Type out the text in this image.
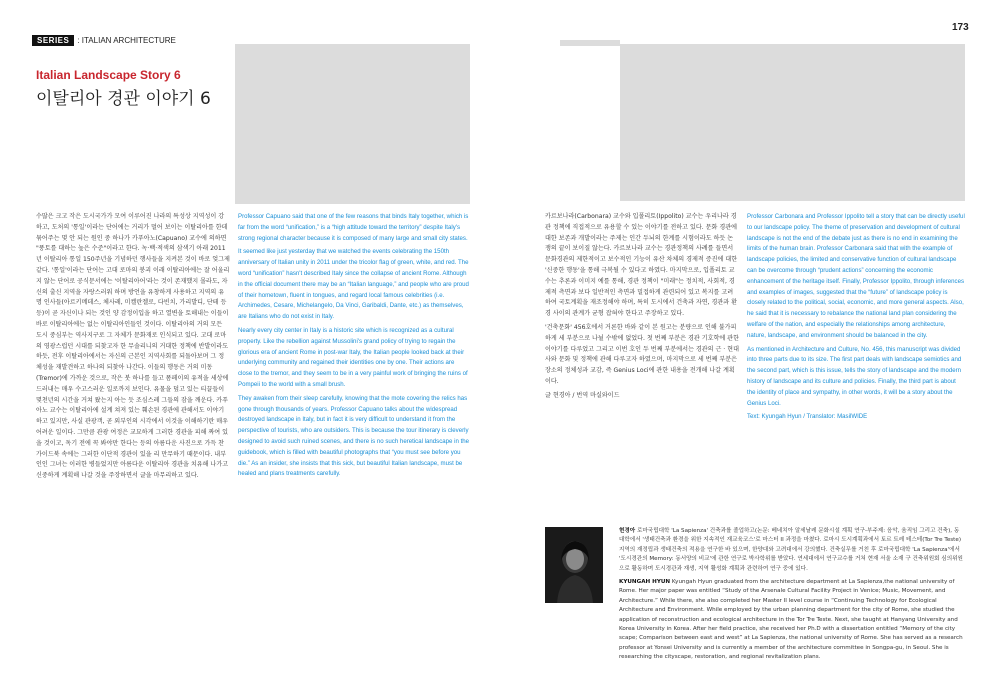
SERIES	: ITALIAN ARCHITECTURE
173
Italian Landscape Story 6
이탈리아 경관 이야기 6

수많은 크고 작은 도시국가가 모여 이루어진 나라의 특성상 지역성이 강하고, 도처의 '통일'이라는 단어에는 거리가 멀어 보이는 이탈리아를 한데 묶어주는 몇 안 되는 원인 중 하나가 카푸아노(Capuano) 교수에 의하면 "풍토를 대하는 높은 수준"이라고 한다. 녹·백·적색의 삼색기 아래 2011년 이탈리아 통일 150주년을 기념하던 행사들을 지켜본 것이 바로 엊그제 같다. '통일'이라는 단어는 고대 로마의 붕괴 이래 이탈리아에는 잘 어울리지 않는 단어로 공식문서에는 '이탈리아어'라는 것이 존재했지 몰라도, 자신의 출신 지역을 자랑스러워 하며 방언을 유창하게 사용하고 지역의 유명 인사들(아르키메데스, 체사레, 미켈란젤로, 다빈치, 가리발디, 단테 등등)이 곧 자신이나 되는 것인 양 감정이입을 하고 열변을 토해내는 이들이 바로 이탈리아에는 없는 이탈리아인들인 것이다. 이탈리아의 거의 모든 도시 중심부는 역사지구로 그 자체가 문화재로 인식되고 있다. 고대 로마의 영광스럽던 시대를 되찾고자 한 무솔리니의 거대한 정책에 반발이라도 하듯, 전후 이탈리아에서는 자신의 근본인 지역사회를 되돌아보며 그 정체성을 재발견하고 하나의 되찾아 나간다. 이들의 행동은 거의 미동(Tremor)에 가까운 것으로, 작은 붓 하나를 들고 폼페이의 유적을 세상에 드러내는 매우 수고스러운 일로까지 보인다. 유물을 덮고 있는 티끌들이 몇천년의 시간을 거쳐 왔는지 아는 듯 조심스레 그들의 잠을 깨운다. 카푸아노 교수는 이탈리아에 설계 쳐져 있는 훼손된 경관에 관해서도 이야기하고 있지만, 사실 관광객, 곧 외부인의 시각에서 이것을 이해하기란 매우 어려운 일이다. 그만큼 관광 여정은 교묘하게 그러한 경관을 피해 짜여 있을 것이고, 독기 전에 꼭 봐야만 한다는 등의 아름다운 사진으로 가득 찬 가이드북 속에는 그러한 이단적 경관이 있을 리 만무하기 때문이다. 내부인인 그녀는 이러한 병들었지만 아름다운 이탈리아 경관을 치유해 나가고 신중하게 계획해 나갈 것을 주장하면서 글을 마무리하고 있다.

Professor Capuano said that one of the few reasons that binds Italy together, which is far from the word “unification,” is a “high attitude toward the territory” despite Italy's strong regional character because it is composed of many large and small city states.

It seemed like just yesterday that we watched the events celebrating the 150th anniversary of Italian unity in 2011 under the tricolor flag of green, white, and red. The word “unification” hasn't described Italy since the collapse of ancient Rome. Although in the official document there may be an “Italian language,” and people who are proud of their hometown, fluent in tongues, and regard local famous celebrities (i.e. Archimedes, Cesare, Michelangelo, Da Vinci, Garibaldi, Dante, etc.) as themselves, are Italians who do not exist in Italy.

Nearly every city center in Italy is a historic site which is recognized as a cultural property. Like the rebellion against Mussolini's grand policy of trying to regain the glorious era of ancient Rome in post-war Italy, the Italian people looked back at their underlying community and regained their identities one by one. Their actions are close to the tremor, and they seem to be in a very painful work of bringing the ruins of Pompeii to the world with a small brush.

They awaken from their sleep carefully, knowing that the mote covering the relics has gone through thousands of years. Professor Capuano talks about the widespread destroyed landscape in Italy, but in fact it is very difficult to understand it from the perspective of tourists, who are outsiders. This is because the tour itinerary is cleverly designed to avoid such ruined scenes, and there is no such heretical landscape in the guidebook, which is filled with beautiful photographs that “you must see before you die.” As an insider, she insists that this sick, but beautiful Italian landscape, must be healed and plans treatments carefully.

카르보나라(Carbonara) 교수와 입폴리토(Ippolito) 교수는 우리나라 경관 정책에 직접적으로 유용할 수 있는 이야기를 전하고 있다. 문화 경관에 대한 보존과 개발이라는 주제는 인간 두뇌의 한계를 시험이라도 하듯 논쟁의 끝이 보이질 않는다. 카르보나라 교수는 경관정책의 사례를 들면서 문화경관의 제한적이고 보수적인 기능이 유산 차체의 경제적 증진에 대한 '신중한 행동'을 통해 극복될 수 있다고 하였다. 마지막으로, 입폴리토 교수는 추론과 이미지 예를 통해, 경관 정책이 "미래"는 정치적, 사회적, 경제적 측면과 보다 일반적인 측면과 밀접하게 관련되어 있고 복지를 고려하여 국토계획을 재조정해야 하며, 특히 도시에서 건축과 자연, 경관과 환경 사이의 관계가 균형 잡혀야 한다고 주장하고 있다.

'건축문화' 456호에서 거론한 바와 같이 본 원고는 분량으로 인해 불가피하게 세 부분으로 나뉠 수밖에 없었다. 첫 번째 부분은 경관 기호학에 관한 이야기를 다루었고 그리고 이번 호인 두 번째 부분에서는 경관의 근 · 현대사와 문화 및 정책에 관해 다루고자 하였으며, 마지막으로 세 번째 부분은 장소의 정체성과 교감, 즉 Genius Loci에 관한 내용을 전개해 나갈 계획이다.

글 현경아 / 번역 마실와이드

Professor Carbonara and Professor Ippolito tell a story that can be directly useful to our landscape policy. The theme of preservation and development of cultural landscape is not the end of the debate just as there is no end in examining the limits of the human brain. Professor Carbonara said that with the example of landscape policies, the limited and conservative function of cultural landscape can be overcome through “prudent actions” concerning the economic enhancement of the heritage itself. Finally, Professor Ippolito, through inferences and examples of images, suggested that the “future” of landscape policy is closely related to the political, social, economic, and more general aspects. Also, he said that it is necessary to rebalance the national land plan considering the welfare of the nation, and especially the relationships among architecture, nature, landscape, and environment should be balanced in the city.

As mentioned in Architecture and Culture, No. 456, this manuscript was divided into three parts due to its size. The first part deals with landscape semiotics and the second part, which is this issue, tells the story of landscape and the modern history of landscape and its culture and policies. Finally, the third part is about the identity of place and sympathy, in other words, it will be a story about the Genius Loci.

Text: Kyungah Hyun / Translator: MasilWIDE

현경아 로마국립대학 'La Sapienza' 건축과를 졸업하고(논문: 베네치아 알세날레 문화시설 계획 연구-부주제: 음악, 움직임 그리고 건축), 동대학에서 '생태건축과 환경을 위한 지속적인 재교육코스'로 마스터 II 과정을 마쳤다. 로마시 도시계획과에서 토르 트레 테스테(Tor Tre Teste) 지역의 재정립과 생태건축의 적용을 연구한 바 있으며, 한양대와 고려대에서 강의했다. 건축실무를 거친 후 로마국립대학 'La Sapienza'에서 '도시경관의 Memory: 동서양의 비교'에 관한 연구로 박사학위를 받았다. 연세대에서 연구교수를 거쳐 현재 서울 소재 구 건축위원회 심의위원으로 활동하며 도시경관과 재생, 지역 활성화 계획과 관련하여 연구 중에 있다.

KYUNGAH HYUN Kyungah Hyun graduated from the architecture department at La Sapienza,the national university of Rome. Her major paper was entitled “Study of the Arsenale Cultural Facility Project in Venice; Music, Movement, and Architecture.” While there, she also completed her Master II level course in “Continuing Technology for Ecological Architecture and Environment. While employed by the urban planning department for the city of Rome, she studied the application of reconstruction and ecological architecture in the Tor Tre Teste. Next, she taught at Hanyang University and Korea University in Korea. After her field practice, she received her Ph.D with a dissertation entitled “Memory of the city scape; Comparison between east and west” at La Sapienza, the national university of Rome. She has served as a research professor at Yonsei University and is currently a member of the architecture committee in Songpa-gu, in Seoul. She is researching the cityscape, restoration, and regional revitalization plans.
